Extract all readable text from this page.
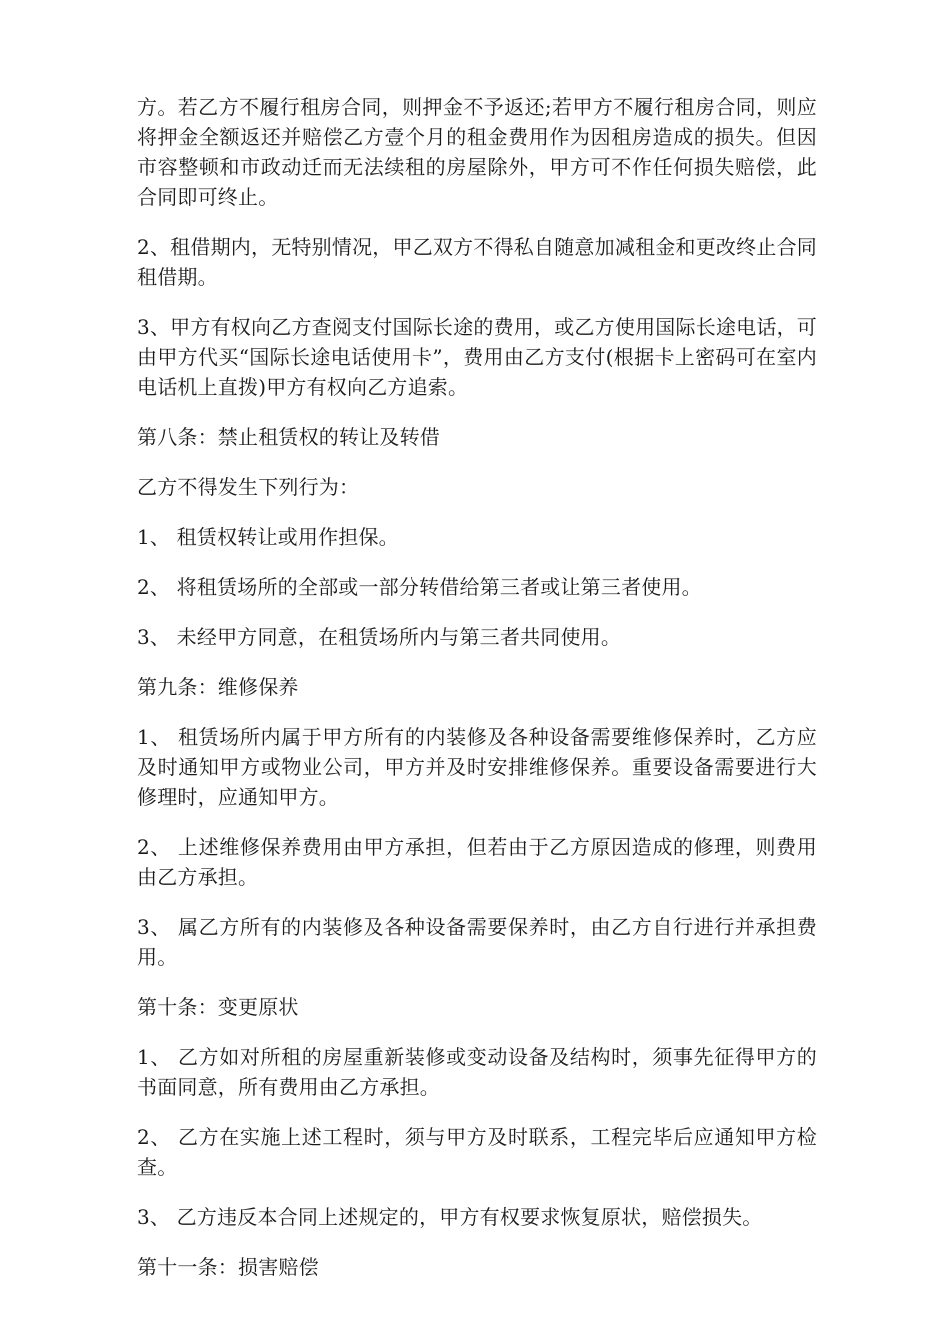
方。若乙方不履行租房合同，则押金不予返还;若甲方不履行租房合同，则应将押金全额返还并赔偿乙方壹个月的租金费用作为因租房造成的损失。但因市容整顿和市政动迁而无法续租的房屋除外，甲方可不作任何损失赔偿，此合同即可终止。

2、租借期内，无特别情况，甲乙双方不得私自随意加减租金和更改终止合同租借期。

3、甲方有权向乙方查阅支付国际长途的费用，或乙方使用国际长途电话，可由甲方代买“国际长途电话使用卡”，费用由乙方支付(根据卡上密码可在室内电话机上直拨)甲方有权向乙方追索。

第八条：禁止租赁权的转让及转借

乙方不得发生下列行为：

1、 租赁权转让或用作担保。

2、 将租赁场所的全部或一部分转借给第三者或让第三者使用。

3、 未经甲方同意，在租赁场所内与第三者共同使用。

第九条：维修保养

1、 租赁场所内属于甲方所有的内装修及各种设备需要维修保养时，乙方应及时通知甲方或物业公司，甲方并及时安排维修保养。重要设备需要进行大修理时，应通知甲方。

2、 上述维修保养费用由甲方承担，但若由于乙方原因造成的修理，则费用由乙方承担。

3、 属乙方所有的内装修及各种设备需要保养时，由乙方自行进行并承担费用。

第十条：变更原状

1、 乙方如对所租的房屋重新装修或变动设备及结构时，须事先征得甲方的书面同意，所有费用由乙方承担。

2、 乙方在实施上述工程时，须与甲方及时联系，工程完毕后应通知甲方检查。

3、 乙方违反本合同上述规定的，甲方有权要求恢复原状，赔偿损失。

第十一条：损害赔偿
